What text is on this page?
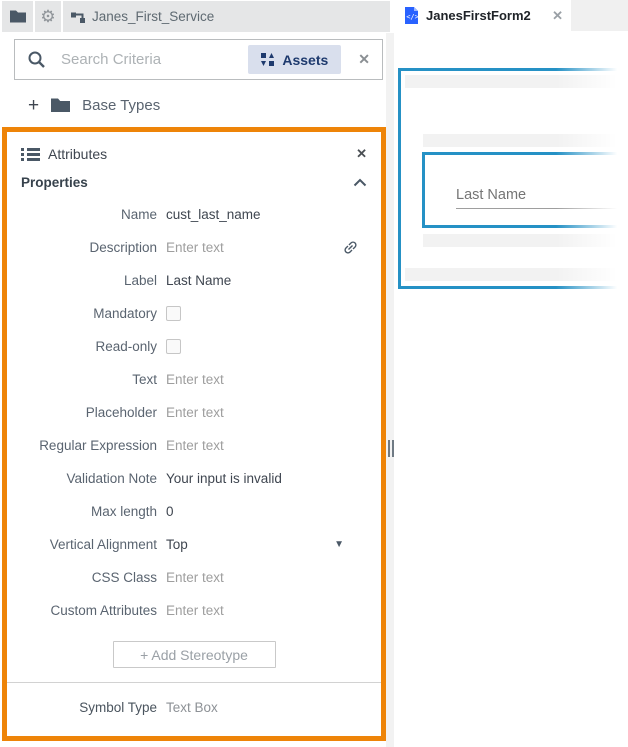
⚙	Janes_First_Service
Search Criteria
Assets ✕
+	Base Types
Attributes	✕
Properties
Name cust_last_name
Description Enter text
Label Last Name
Mandatory
Read-only
Text Enter text
Placeholder Enter text
Regular Expression Enter text
Validation Note Your input is invalid
Max length 0
Vertical Alignment Top	▼
CSS Class Enter text
Custom Attributes Enter text
+ Add Stereotype
Symbol Type Text Box
</> JanesFirstForm2 ✕
Last Name
